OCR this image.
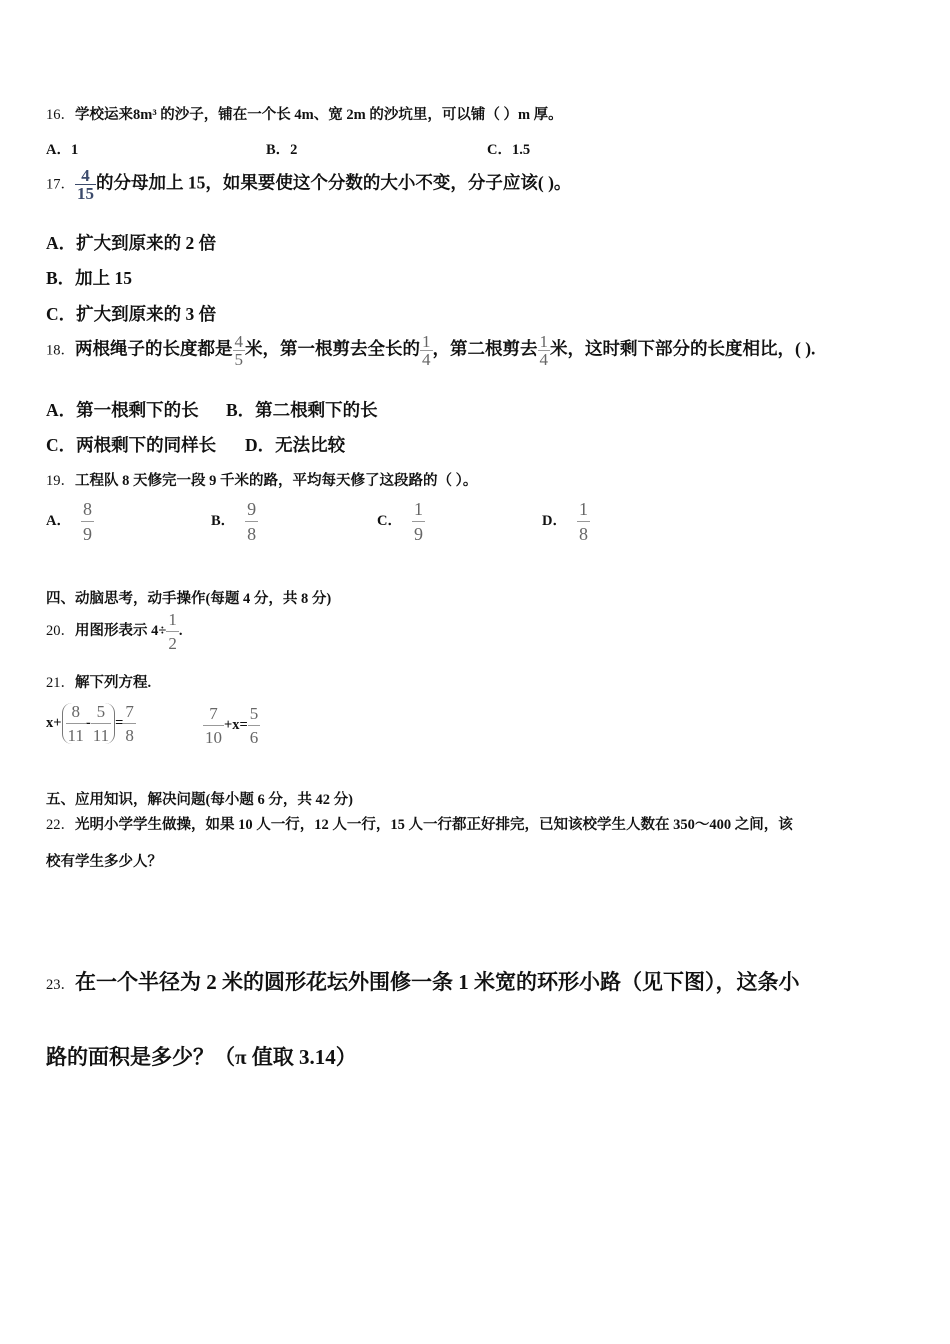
16．学校运来8m³ 的沙子，铺在一个长 4m、宽 2m 的沙坑里，可以铺（ ）m 厚。
A．1	B．2	C．1.5
17． $\frac{4}{15}$ 的分母加上 15，如果要使这个分数的大小不变，分子应该( )。
A．扩大到原来的 2 倍
B．加上 15
C．扩大到原来的 3 倍
18．两根绳子的长度都是 $\frac{4}{5}$ 米，第一根剪去全长的 $\frac{1}{4}$ ，第二根剪去 $\frac{1}{4}$ 米，这时剩下部分的长度相比，( ).
A．第一根剩下的长 B．第二根剩下的长
C．两根剩下的同样长 D．无法比较
19．工程队 8 天修完一段 9 千米的路，平均每天修了这段路的（ ）。
A． $\frac{8}{9}$	B． $\frac{9}{8}$	C． $\frac{1}{9}$	D． $\frac{1}{8}$
四、动脑思考，动手操作(每题 4 分，共 8 分)
20．用图形表示 $4\div \frac{1}{2}$ .
21．解下列方程.
$x+ \frac{8}{11} - \frac{5}{11} = \frac{7}{8}$	$\frac{7}{10} +x= \frac{5}{6}$
五、应用知识，解决问题(每小题 6 分，共 42 分)
22．光明小学学生做操，如果 10 人一行，12 人一行，15 人一行都正好排完，已知该校学生人数在 350～400 之间，该
校有学生多少人？
23．在一个半径为 2 米的圆形花坛外围修一条 1 米宽的环形小路（见下图），这条小
路的面积是多少？（π 值取 3.14）
